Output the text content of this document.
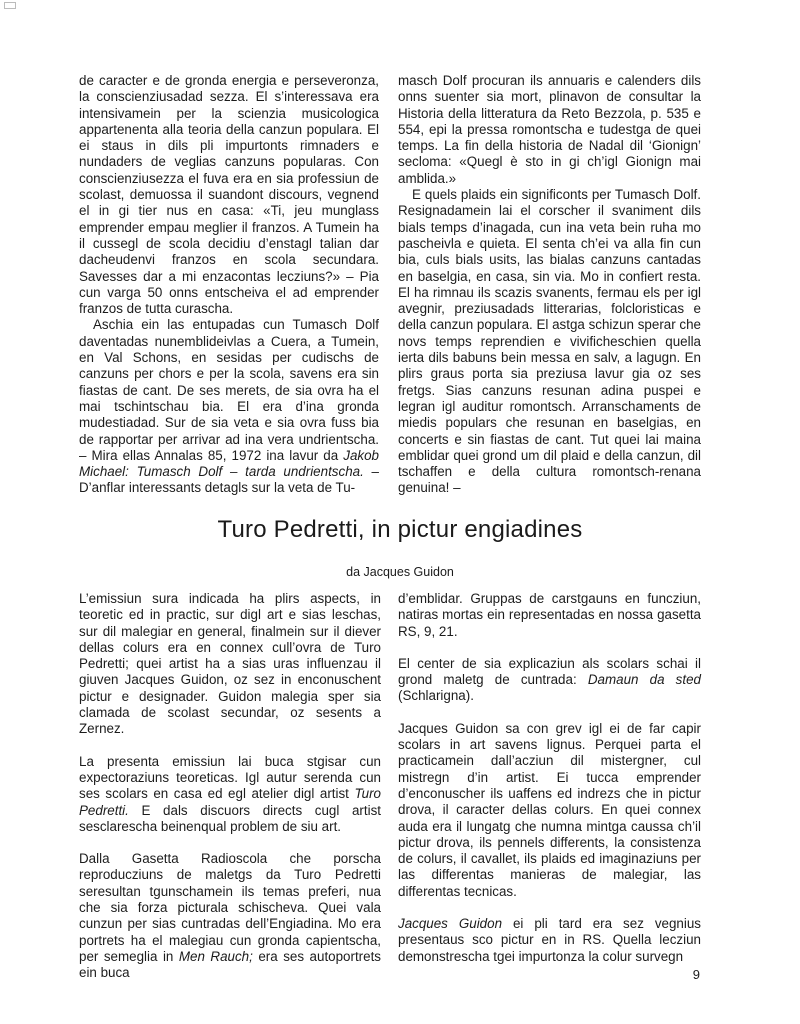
de caracter e de gronda energia e perseveronza, la conscienziusadad sezza. El s’interessava era intensivamein per la scienzia musicologica appartenenta alla teoria della canzun populara. El ei staus in dils pli impurtonts rimnaders e nundaders de veglias canzuns popularas. Con conscienziusezza el fuva era en sia professiun de scolast, demuossa il suandont discours, vegnend el in gi tier nus en casa: «Ti, jeu munglass emprender empau meglier il franzos. A Tumein ha il cussegl de scola decidiu d’enstagl talian dar dacheudenvi franzos en scola secundara. Savesses dar a mi enzacontas lecziuns?» – Pia cun varga 50 onns entscheiva el ad emprender franzos de tutta curascha.

Aschia ein las entupadas cun Tumasch Dolf daventadas nunemblideivlas a Cuera, a Tumein, en Val Schons, en sesidas per cudischs de canzuns per chors e per la scola, savens era sin fiastas de cant. De ses merets, de sia ovra ha el mai tschintschau bia. El era d’ina gronda mudestiadad. Sur de sia veta e sia ovra fuss bia de rapportar per arrivar ad ina vera undrientscha. – Mira ellas Annalas 85, 1972 ina lavur da Jakob Michael: Tumasch Dolf – tarda undrientscha. – D’anflar interessants detagls sur la veta de Tu-

masch Dolf procuran ils annuaris e calenders dils onns suenter sia mort, plinavon de consultar la Historia della litteratura da Reto Bezzola, p. 535 e 554, epi la pressa romontscha e tudestga de quei temps. La fin della historia de Nadal dil ‘Gionign’ secloma: «Quegl è sto in gi ch’igl Gionign mai amblida.»

E quels plaids ein significonts per Tumasch Dolf. Resignadamein lai el corscher il svaniment dils bials temps d’inagada, cun ina veta bein ruha mo pascheivla e quieta. El senta ch’ei va alla fin cun bia, culs bials usits, las bialas canzuns cantadas en baselgia, en casa, sin via. Mo in confiert resta. El ha rimnau ils scazis svanents, fermau els per igl avegnir, preziusadads litterarias, folcloristicas e della canzun populara. El astga schizun sperar che novs temps reprendien e vivificheschien quella ierta dils babuns bein messa en salv, a lagugn. En plirs graus porta sia preziusa lavur gia oz ses fretgs. Sias canzuns resunan adina puspei e legran igl auditur romontsch. Arranschaments de miedis populars che resunan en baselgias, en concerts e sin fiastas de cant. Tut quei lai maina emblidar quei grond um dil plaid e della canzun, dil tschaffen e della cultura romontsch-renana genuina! –

Turo Pedretti, in pictur engiadines
da Jacques Guidon

L’emissiun sura indicada ha plirs aspects, in teoretic ed in practic, sur digl art e sias leschas, sur dil malegiar en general, finalmein sur il diever dellas colurs era en connex cull’ovra de Turo Pedretti; quei artist ha a sias uras influenzau il giuven Jacques Guidon, oz sez in enconuschent pictur e designader. Guidon malegia sper sia clamada de scolast secundar, oz sesents a Zernez.

La presenta emissiun lai buca stgisar cun expectoraziuns teoreticas. Igl autur serenda cun ses scolars en casa ed egl atelier digl artist Turo Pedretti. E dals discuors directs cugl artist sesclarescha beinenqual problem de siu art.

Dalla Gasetta Radioscola che porscha reproducziuns de maletgs da Turo Pedretti seresultan tgunschamein ils temas preferi, nua che sia forza picturala schischeva. Quei vala cunzun per sias cuntradas dell’Engiadina. Mo era portrets ha el malegiau cun gronda capientscha, per semeglia in Men Rauch; era ses autoportrets ein buca

d’emblidar. Gruppas de carstgauns en funcziun, natiras mortas ein representadas en nossa gasetta RS, 9, 21.

El center de sia explicaziun als scolars schai il grond maletg de cuntrada: Damaun da sted (Schlarigna).

Jacques Guidon sa con grev igl ei de far capir scolars in art savens lignus. Perquei parta el practicamein dall’acziun dil mistergner, cul mistregn d’in artist. Ei tucca emprender d’enconuscher ils uaffens ed indrezs che in pictur drova, il caracter dellas colurs. En quei connex auda era il lungatg che numna mintga caussa ch’il pictur drova, ils pennels differents, la consistenza de colurs, il cavallet, ils plaids ed imaginaziuns per las differentas manieras de malegiar, las differentas tecnicas.

Jacques Guidon ei pli tard era sez vegnius presentaus sco pictur en in RS. Quella lecziun demonstrescha tgei impurtonza la colur survegn

9
